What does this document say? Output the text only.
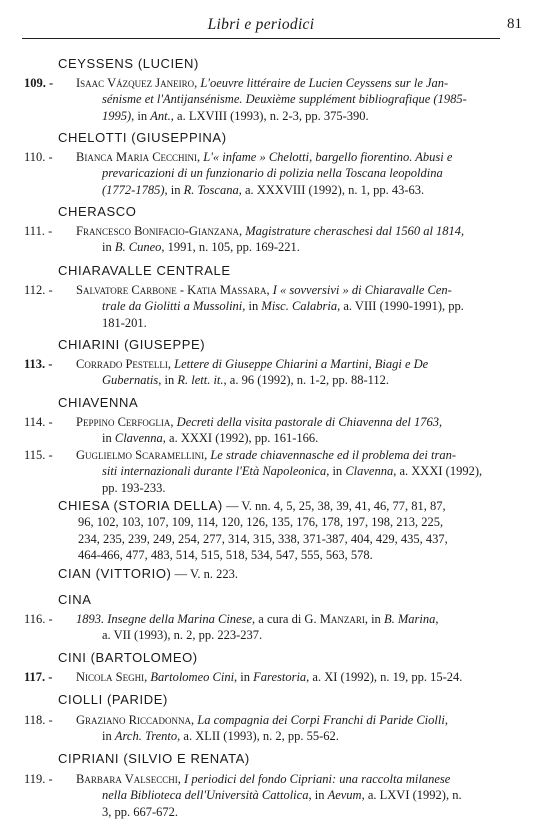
Libri e periodici	81
CEYSSENS (LUCIEN)
109. - Isaac Vázquez Janeiro, L'oeuvre littéraire de Lucien Ceyssens sur le Jan-
sénisme et l'Antijansénisme. Deuxième supplément bibliografique (1985-
1995), in Ant., a. LXVIII (1993), n. 2-3, pp. 375-390.
CHELOTTI (GIUSEPPINA)
110. - Bianca Maria Cecchini, L'« infame » Chelotti, bargello fiorentino. Abusi e
prevaricazioni di un funzionario di polizia nella Toscana leopoldina
(1772-1785), in R. Toscana, a. XXXVIII (1992), n. 1, pp. 43-63.
CHERASCO
111. - Francesco Bonifacio-Gianzana, Magistrature cheraschesi dal 1560 al 1814,
in B. Cuneo, 1991, n. 105, pp. 169-221.
CHIARAVALLE CENTRALE
112. - Salvatore Carbone - Katia Massara, I « sovversivi » di Chiaravalle Cen-
trale da Giolitti a Mussolini, in Misc. Calabria, a. VIII (1990-1991), pp.
181-201.
CHIARINI (GIUSEPPE)
113. - Corrado Pestelli, Lettere di Giuseppe Chiarini a Martini, Biagi e De
Gubernatis, in R. lett. it., a. 96 (1992), n. 1-2, pp. 88-112.
CHIAVENNA
114. - Peppino Cerfoglia, Decreti della visita pastorale di Chiavenna del 1763,
in Clavenna, a. XXXI (1992), pp. 161-166.
115. - Guglielmo Scaramellini, Le strade chiavennasche ed il problema dei tran-
siti internazionali durante l'Età Napoleonica, in Clavenna, a. XXXI (1992),
pp. 193-233.
CHIESA (STORIA DELLA) — V. nn. 4, 5, 25, 38, 39, 41, 46, 77, 81, 87,
96, 102, 103, 107, 109, 114, 120, 126, 135, 176, 178, 197, 198, 213, 225,
234, 235, 239, 249, 254, 277, 314, 315, 338, 371-387, 404, 429, 435, 437,
464-466, 477, 483, 514, 515, 518, 534, 547, 555, 563, 578.
CIAN (VITTORIO) — V. n. 223.
CINA
116. - 1893. Insegne della Marina Cinese, a cura di G. Manzari, in B. Marina,
a. VII (1993), n. 2, pp. 223-237.
CINI (BARTOLOMEO)
117. - Nicola Seghi, Bartolomeo Cini, in Farestoria, a. XI (1992), n. 19, pp. 15-24.
CIOLLI (PARIDE)
118. - Graziano Riccadonna, La compagnia dei Corpi Franchi di Paride Ciolli,
in Arch. Trento, a. XLII (1993), n. 2, pp. 55-62.
CIPRIANI (SILVIO E RENATA)
119. - Barbara Valsecchi, I periodici del fondo Cipriani: una raccolta milanese
nella Biblioteca dell'Università Cattolica, in Aevum, a. LXVI (1992), n.
3, pp. 667-672.
